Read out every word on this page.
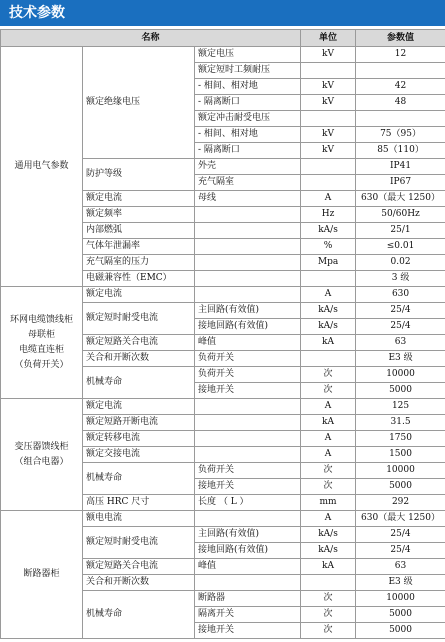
技术参数
名称			单位	参数值

通用电气参数	额定绝缘电压	额定电压	kV	12
		额定短时工频耐压		
		- 相间、相对地	kV	42
		- 隔离断口	kV	48
		额定冲击耐受电压		
		- 相间、相对地	kV	75（95）
		- 隔离断口	kV	85（110）
	防护等级	外壳		IP41
		充气隔室		IP67
	额定电流	母线	A	630（最大 1250）
	额定频率		Hz	50/60Hz
	内部燃弧		kA/s	25/1
	气体年泄漏率		%	≤0.01
	充气隔室的压力		Mpa	0.02
	电磁兼容性（EMC）			3 级

环网电缆馈线柜
母联柜
电缆直连柜
（负荷开关）	额定电流		A	630
	额定短时耐受电流	主回路(有效值)	kA/s	25/4
		接地回路(有效值)	kA/s	25/4
	额定短路关合电流	峰值	kA	63
	关合和开断次数	负荷开关		E3 级
	机械寿命	负荷开关	次	10000
		接地开关	次	5000

变压器馈线柜
（组合电器）	额定电流		A	125
	额定短路开断电流		kA	31.5
	额定转移电流		A	1750
	额定交接电流		A	1500
	机械寿命	负荷开关	次	10000
		接地开关	次	5000
	高压 HRC 尺寸	长度 （ L ）	mm	292

断路器柜	额电电流		A	630（最大 1250）
	额定短时耐受电流	主回路(有效值)	kA/s	25/4
		接地回路(有效值)	kA/s	25/4
	额定短路关合电流	峰值	kA	63
	关合和开断次数			E3 级
	机械寿命	断路器	次	10000
		隔离开关	次	5000
		接地开关	次	5000
